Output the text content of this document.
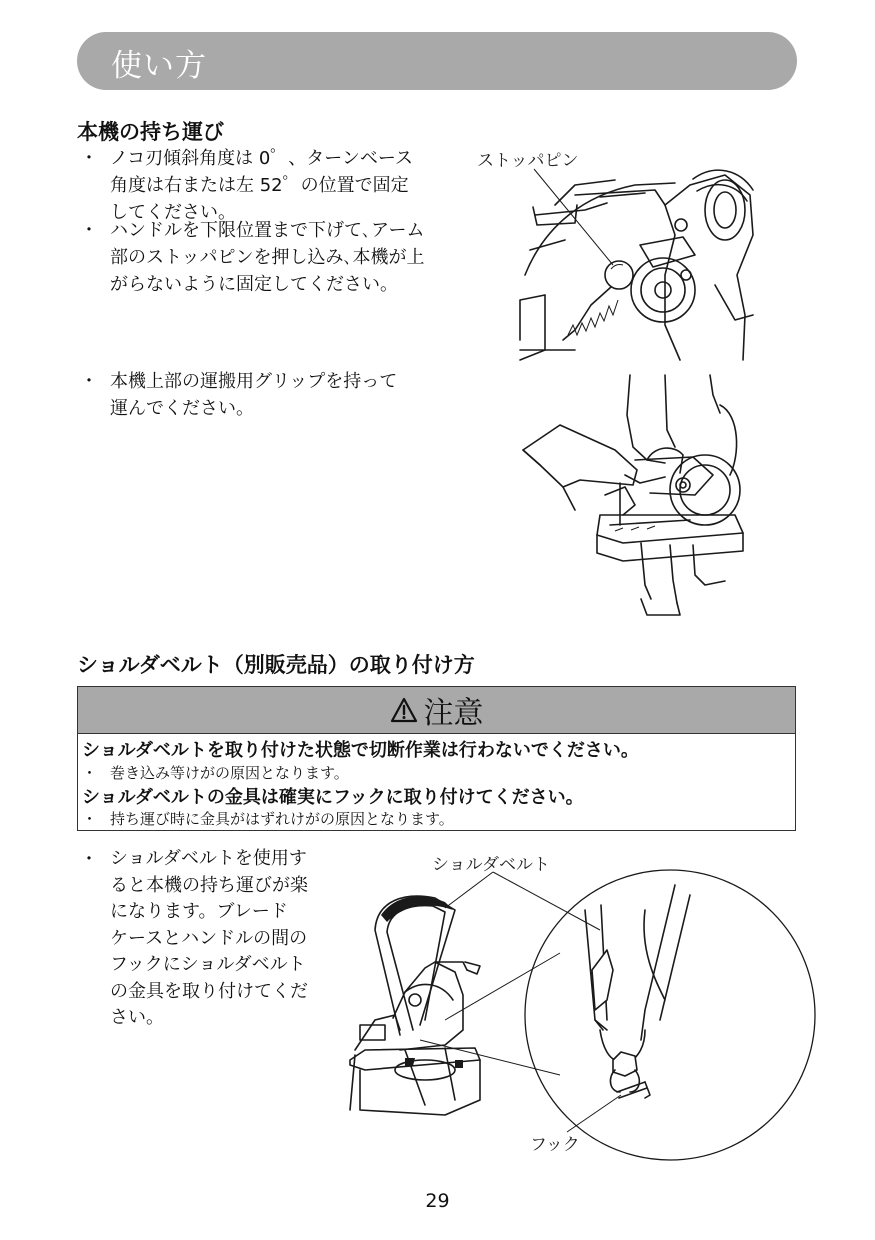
使い方
本機の持ち運び
・ ノコ刃傾斜角度は 0゜、ターンベース
角度は右または左 52゜の位置で固定
してください。
・ ハンドルを下限位置まで下げて､アーム
部のストッパピンを押し込み､本機が上
がらないように固定してください。
・ 本機上部の運搬用グリップを持って
運んでください。
ストッパピン
ショルダベルト（別販売品）の取り付け方
注意
ショルダベルトを取り付けた状態で切断作業は行わないでください。
・ 巻き込み等けがの原因となります。
ショルダベルトの金具は確実にフックに取り付けてください。
・ 持ち運び時に金具がはずれけがの原因となります。
・ ショルダベルトを使用す
ると本機の持ち運びが楽
になります。ブレード
ケースとハンドルの間の
フックにショルダベルト
の金具を取り付けてくだ
さい。
ショルダベルト
フック
29
